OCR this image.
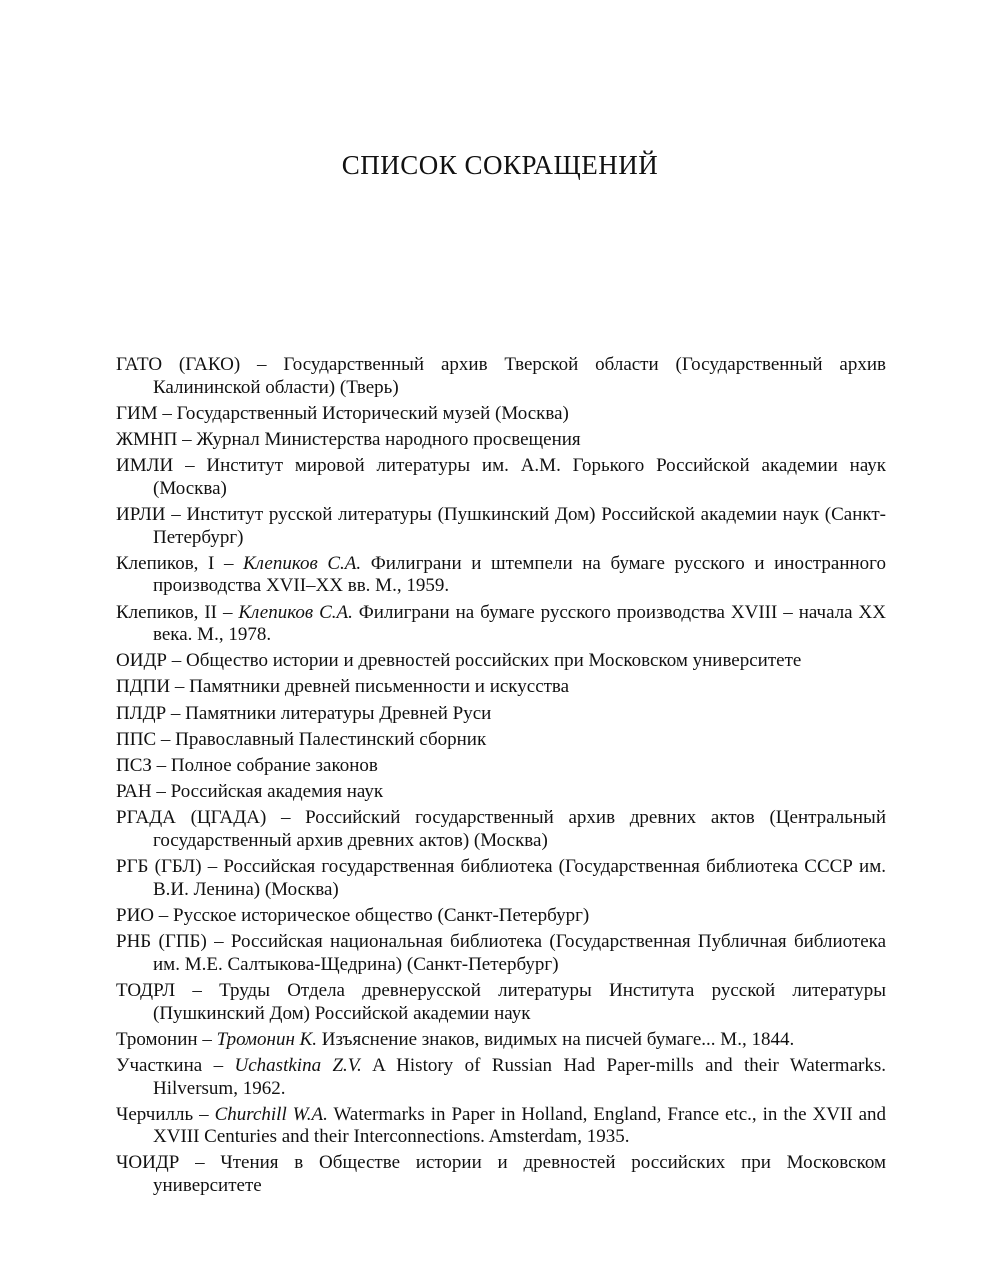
СПИСОК СОКРАЩЕНИЙ
ГАТО (ГАКО) – Государственный архив Тверской области (Государственный архив Калининской области) (Тверь)
ГИМ – Государственный Исторический музей (Москва)
ЖМНП – Журнал Министерства народного просвещения
ИМЛИ – Институт мировой литературы им. А.М. Горького Российской академии наук (Москва)
ИРЛИ – Институт русской литературы (Пушкинский Дом) Российской академии наук (Санкт-Петербург)
Клепиков, I – Клепиков С.А. Филиграни и штемпели на бумаге русского и иностранного производства XVII–XX вв. М., 1959.
Клепиков, II – Клепиков С.А. Филиграни на бумаге русского производства XVIII – начала XX века. М., 1978.
ОИДР – Общество истории и древностей российских при Московском университете
ПДПИ – Памятники древней письменности и искусства
ПЛДР – Памятники литературы Древней Руси
ППС – Православный Палестинский сборник
ПСЗ – Полное собрание законов
РАН – Российская академия наук
РГАДА (ЦГАДА) – Российский государственный архив древних актов (Центральный государственный архив древних актов) (Москва)
РГБ (ГБЛ) – Российская государственная библиотека (Государственная библиотека СССР им. В.И. Ленина) (Москва)
РИО – Русское историческое общество (Санкт-Петербург)
РНБ (ГПБ) – Российская национальная библиотека (Государственная Публичная библиотека им. М.Е. Салтыкова-Щедрина) (Санкт-Петербург)
ТОДРЛ – Труды Отдела древнерусской литературы Института русской литературы (Пушкинский Дом) Российской академии наук
Тромонин – Тромонин К. Изъяснение знаков, видимых на писчей бумаге... М., 1844.
Участкина – Uchastkina Z.V. A History of Russian Had Paper-mills and their Watermarks. Hilversum, 1962.
Черчилль – Churchill W.A. Watermarks in Paper in Holland, England, France etc., in the XVII and XVIII Centuries and their Interconnections. Amsterdam, 1935.
ЧОИДР – Чтения в Обществе истории и древностей российских при Московском университете
